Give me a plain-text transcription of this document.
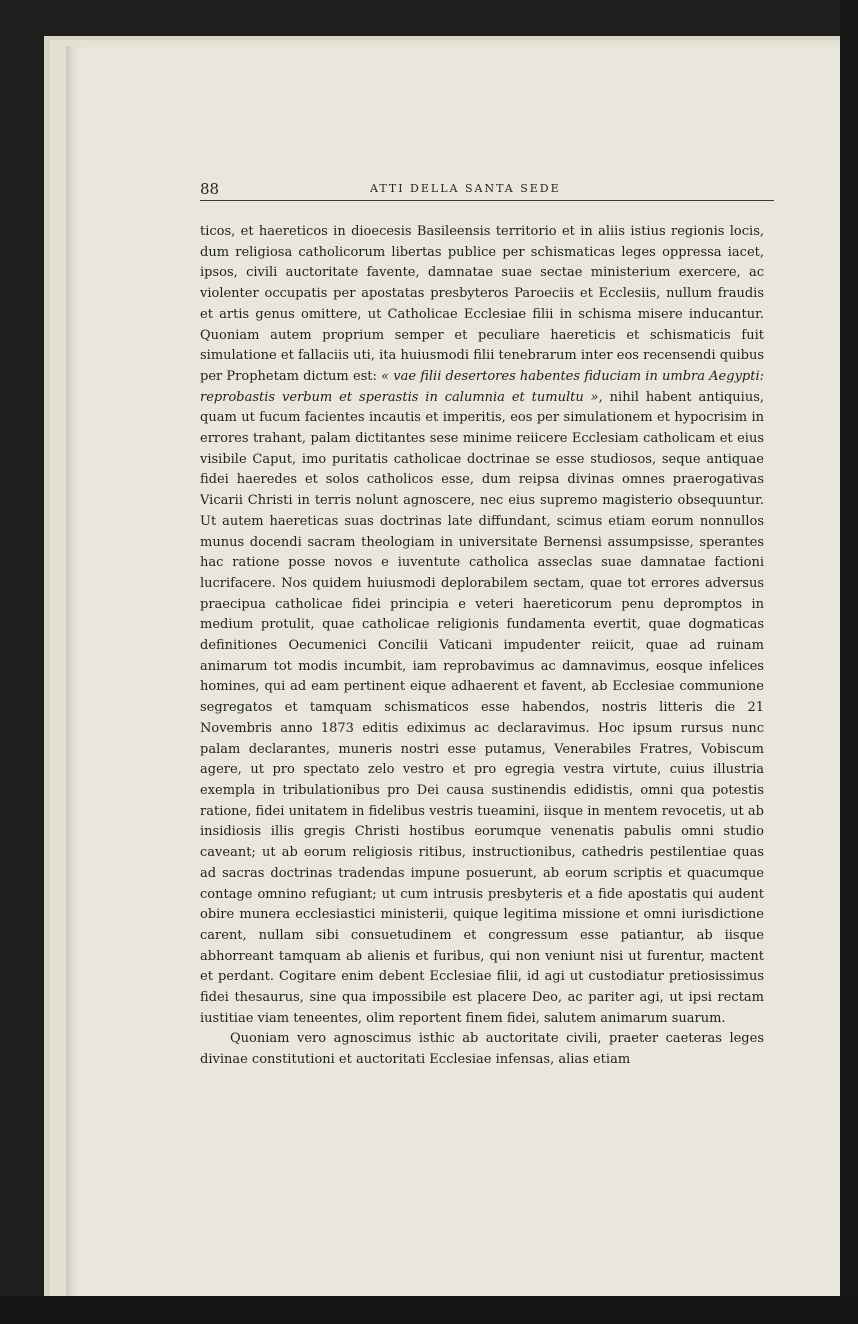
88	ATTI DELLA SANTA SEDE

ticos, et haereticos in dioecesis Basileensis territorio et in aliis istius regionis locis, dum religiosa catholicorum libertas publice per schismaticas leges oppressa iacet, ipsos, civili auctoritate favente, damnatae suae sectae ministerium exercere, ac violenter occupatis per apostatas presbyteros Paroeciis et Ecclesiis, nullum fraudis et artis genus omittere, ut Catholicae Ecclesiae filii in schisma misere inducantur. Quoniam autem proprium semper et peculiare haereticis et schismaticis fuit simulatione et fallaciis uti, ita huiusmodi filii tenebrarum inter eos recensendi quibus per Prophetam dictum est: « vae filii desertores habentes fiduciam in umbra Aegypti: reprobastis verbum et sperastis in calumnia et tumultu », nihil habent antiquius, quam ut fucum facientes incautis et imperitis, eos per simulationem et hypocrisim in errores trahant, palam dictitantes sese minime reiicere Ecclesiam catholicam et eius visibile Caput, imo puritatis catholicae doctrinae se esse studiosos, seque antiquae fidei haeredes et solos catholicos esse, dum reipsa divinas omnes praerogativas Vicarii Christi in terris nolunt agnoscere, nec eius supremo magisterio obsequuntur. Ut autem haereticas suas doctrinas late diffundant, scimus etiam eorum nonnullos munus docendi sacram theologiam in universitate Bernensi assumpsisse, sperantes hac ratione posse novos e iuventute catholica asseclas suae damnatae factioni lucrifacere. Nos quidem huiusmodi deplorabilem sectam, quae tot errores adversus praecipua catholicae fidei principia e veteri haereticorum penu depromptos in medium protulit, quae catholicae religionis fundamenta evertit, quae dogmaticas definitiones Oecumenici Concilii Vaticani impudenter reiicit, quae ad ruinam animarum tot modis incumbit, iam reprobavimus ac damnavimus, eosque infelices homines, qui ad eam pertinent eique adhaerent et favent, ab Ecclesiae communione segregatos et tamquam schismaticos esse habendos, nostris litteris die 21 Novembris anno 1873 editis ediximus ac declaravimus. Hoc ipsum rursus nunc palam declarantes, muneris nostri esse putamus, Venerabiles Fratres, Vobiscum agere, ut pro spectato zelo vestro et pro egregia vestra virtute, cuius illustria exempla in tribulationibus pro Dei causa sustinendis edidistis, omni qua potestis ratione, fidei unitatem in fidelibus vestris tueamini, iisque in mentem revocetis, ut ab insidiosis illis gregis Christi hostibus eorumque venenatis pabulis omni studio caveant; ut ab eorum religiosis ritibus, instructionibus, cathedris pestilentiae quas ad sacras doctrinas tradendas impune posuerunt, ab eorum scriptis et quacumque contage omnino refugiant; ut cum intrusis presbyteris et a fide apostatis qui audent obire munera ecclesiastici ministerii, quique legitima missione et omni iurisdictione carent, nullam sibi consuetudinem et congressum esse patiantur, ab iisque abhorreant tamquam ab alienis et furibus, qui non veniunt nisi ut furentur, mactent et perdant. Cogitare enim debent Ecclesiae filii, id agi ut custodiatur pretiosissimus fidei thesaurus, sine qua impossibile est placere Deo, ac pariter agi, ut ipsi rectam iustitiae viam teneentes, olim reportent finem fidei, salutem animarum suarum.

Quoniam vero agnoscimus isthic ab auctoritate civili, praeter caeteras leges divinae constitutioni et auctoritati Ecclesiae infensas, alias etiam
